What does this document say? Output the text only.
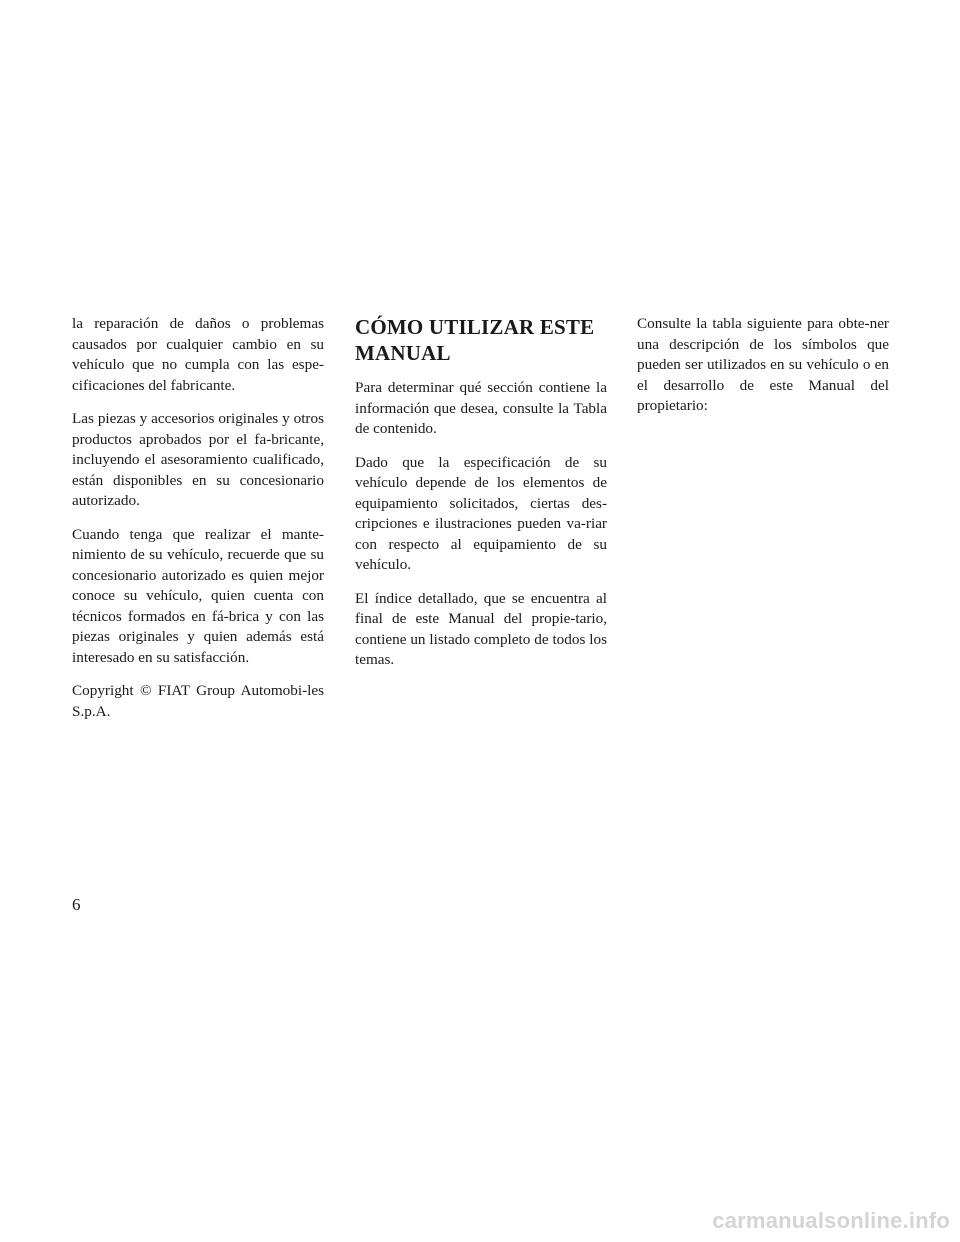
la reparación de daños o problemas causados por cualquier cambio en su vehículo que no cumpla con las espe-cificaciones del fabricante.

Las piezas y accesorios originales y otros productos aprobados por el fa-bricante, incluyendo el asesoramiento cualificado, están disponibles en su concesionario autorizado.

Cuando tenga que realizar el mante-nimiento de su vehículo, recuerde que su concesionario autorizado es quien mejor conoce su vehículo, quien cuenta con técnicos formados en fá-brica y con las piezas originales y quien además está interesado en su satisfacción.

Copyright © FIAT Group Automobi-les S.p.A.

CÓMO UTILIZAR ESTE MANUAL

Para determinar qué sección contiene la información que desea, consulte la Tabla de contenido.

Dado que la especificación de su vehículo depende de los elementos de equipamiento solicitados, ciertas des-cripciones e ilustraciones pueden va-riar con respecto al equipamiento de su vehículo.

El índice detallado, que se encuentra al final de este Manual del propie-tario, contiene un listado completo de todos los temas.

Consulte la tabla siguiente para obte-ner una descripción de los símbolos que pueden ser utilizados en su vehículo o en el desarrollo de este Manual del propietario:

6
carmanualsonline.info
